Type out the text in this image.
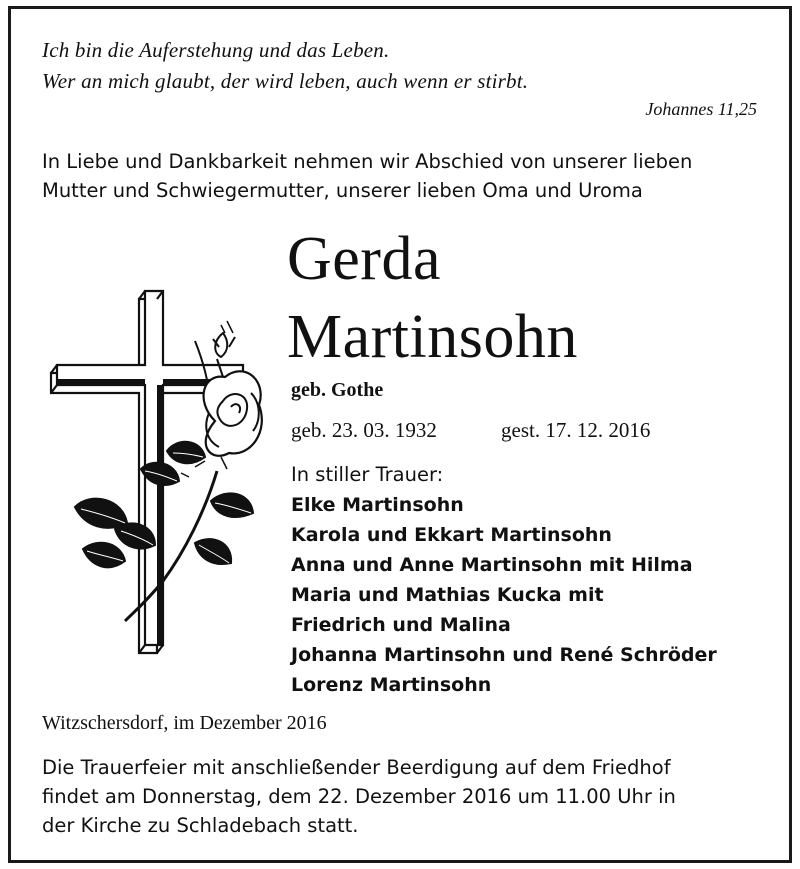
Ich bin die Auferstehung und das Leben.
Wer an mich glaubt, der wird leben, auch wenn er stirbt.
Johannes 11,25
In Liebe und Dankbarkeit nehmen wir Abschied von unserer lieben
Mutter und Schwiegermutter, unserer lieben Oma und Uroma
Gerda
Martinsohn
geb. Gothe
geb. 23. 03. 1932	gest. 17. 12. 2016
In stiller Trauer:
Elke Martinsohn
Karola und Ekkart Martinsohn
Anna und Anne Martinsohn mit Hilma
Maria und Mathias Kucka mit
Friedrich und Malina
Johanna Martinsohn und René Schröder
Lorenz Martinsohn
Witzschersdorf, im Dezember 2016
Die Trauerfeier mit anschließender Beerdigung auf dem Friedhof
findet am Donnerstag, dem 22. Dezember 2016 um 11.00 Uhr in
der Kirche zu Schladebach statt.
